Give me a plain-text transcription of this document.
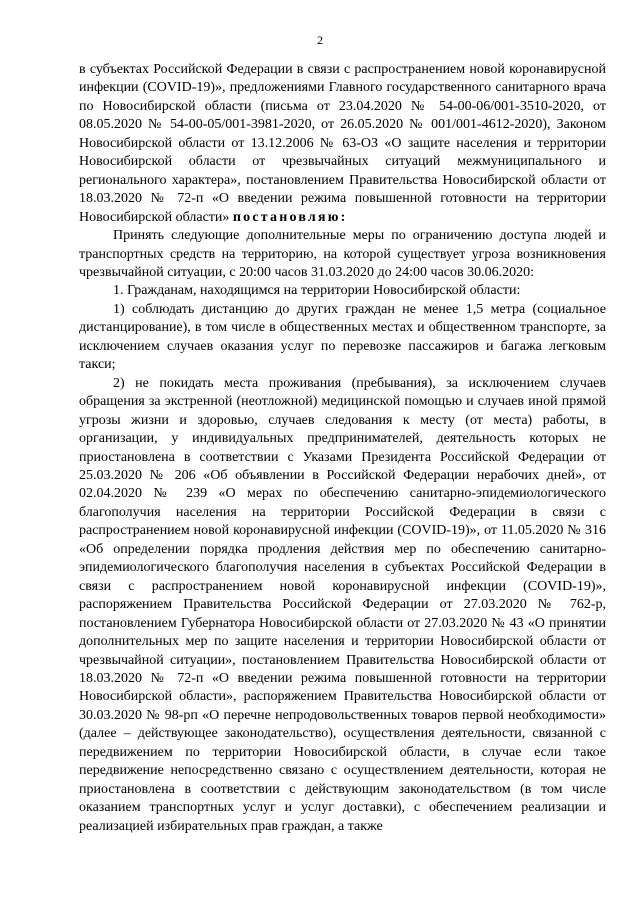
2

в субъектах Российской Федерации в связи с распространением новой коронавирусной инфекции (COVID-19)», предложениями Главного государственного санитарного врача по Новосибирской области (письма от 23.04.2020 № 54-00-06/001-3510-2020, от 08.05.2020 № 54-00-05/001-3981-2020, от 26.05.2020 № 001/001-4612-2020), Законом Новосибирской области от 13.12.2006 № 63-ОЗ «О защите населения и территории Новосибирской области от чрезвычайных ситуаций межмуниципального и регионального характера», постановлением Правительства Новосибирской области от 18.03.2020 № 72-п «О введении режима повышенной готовности на территории Новосибирской области» постановляю:

Принять следующие дополнительные меры по ограничению доступа людей и транспортных средств на территорию, на которой существует угроза возникновения чрезвычайной ситуации, с 20:00 часов 31.03.2020 до 24:00 часов 30.06.2020:

1. Гражданам, находящимся на территории Новосибирской области:

1) соблюдать дистанцию до других граждан не менее 1,5 метра (социальное дистанцирование), в том числе в общественных местах и общественном транспорте, за исключением случаев оказания услуг по перевозке пассажиров и багажа легковым такси;

2) не покидать места проживания (пребывания), за исключением случаев обращения за экстренной (неотложной) медицинской помощью и случаев иной прямой угрозы жизни и здоровью, случаев следования к месту (от места) работы, в организации, у индивидуальных предпринимателей, деятельность которых не приостановлена в соответствии с Указами Президента Российской Федерации от 25.03.2020 № 206 «Об объявлении в Российской Федерации нерабочих дней», от 02.04.2020 № 239 «О мерах по обеспечению санитарно-эпидемиологического благополучия населения на территории Российской Федерации в связи с распространением новой коронавирусной инфекции (COVID-19)», от 11.05.2020 № 316 «Об определении порядка продления действия мер по обеспечению санитарно-эпидемиологического благополучия населения в субъектах Российской Федерации в связи с распространением новой коронавирусной инфекции (COVID-19)», распоряжением Правительства Российской Федерации от 27.03.2020 № 762-р, постановлением Губернатора Новосибирской области от 27.03.2020 № 43 «О принятии дополнительных мер по защите населения и территории Новосибирской области от чрезвычайной ситуации», постановлением Правительства Новосибирской области от 18.03.2020 № 72-п «О введении режима повышенной готовности на территории Новосибирской области», распоряжением Правительства Новосибирской области от 30.03.2020 № 98-рп «О перечне непродовольственных товаров первой необходимости» (далее – действующее законодательство), осуществления деятельности, связанной с передвижением по территории Новосибирской области, в случае если такое передвижение непосредственно связано с осуществлением деятельности, которая не приостановлена в соответствии с действующим законодательством (в том числе оказанием транспортных услуг и услуг доставки), с обеспечением реализации и реализацией избирательных прав граждан, а также
